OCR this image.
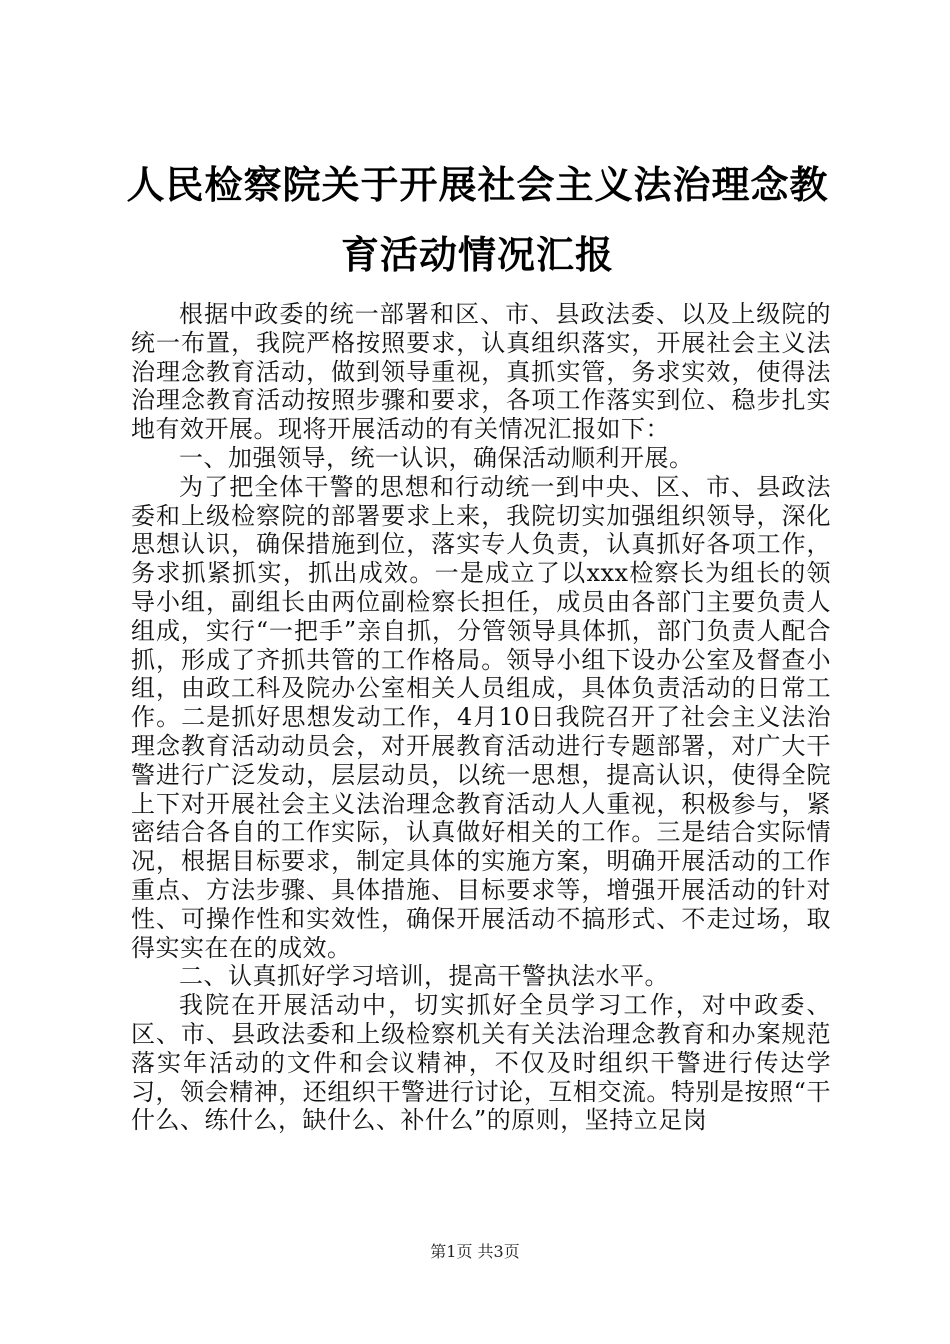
人民检察院关于开展社会主义法治理念教育活动情况汇报

根据中政委的统一部署和区、市、县政法委、以及上级院的统一布置，我院严格按照要求，认真组织落实，开展社会主义法治理念教育活动，做到领导重视，真抓实管，务求实效，使得法治理念教育活动按照步骤和要求，各项工作落实到位、稳步扎实地有效开展。现将开展活动的有关情况汇报如下：

一、加强领导，统一认识，确保活动顺利开展。

为了把全体干警的思想和行动统一到中央、区、市、县政法委和上级检察院的部署要求上来，我院切实加强组织领导，深化思想认识，确保措施到位，落实专人负责，认真抓好各项工作，务求抓紧抓实，抓出成效。一是成立了以xxx检察长为组长的领导小组，副组长由两位副检察长担任，成员由各部门主要负责人组成，实行“一把手”亲自抓，分管领导具体抓，部门负责人配合抓，形成了齐抓共管的工作格局。领导小组下设办公室及督查小组，由政工科及院办公室相关人员组成，具体负责活动的日常工作。二是抓好思想发动工作，4月10日我院召开了社会主义法治理念教育活动动员会，对开展教育活动进行专题部署，对广大干警进行广泛发动，层层动员，以统一思想，提高认识，使得全院上下对开展社会主义法治理念教育活动人人重视，积极参与，紧密结合各自的工作实际，认真做好相关的工作。三是结合实际情况，根据目标要求，制定具体的实施方案，明确开展活动的工作重点、方法步骤、具体措施、目标要求等，增强开展活动的针对性、可操作性和实效性，确保开展活动不搞形式、不走过场，取得实实在在的成效。

二、认真抓好学习培训，提高干警执法水平。

我院在开展活动中，切实抓好全员学习工作，对中政委、区、市、县政法委和上级检察机关有关法治理念教育和办案规范落实年活动的文件和会议精神，不仅及时组织干警进行传达学习，领会精神，还组织干警进行讨论，互相交流。特别是按照“干什么、练什么，缺什么、补什么”的原则，坚持立足岗

第1页 共3页
